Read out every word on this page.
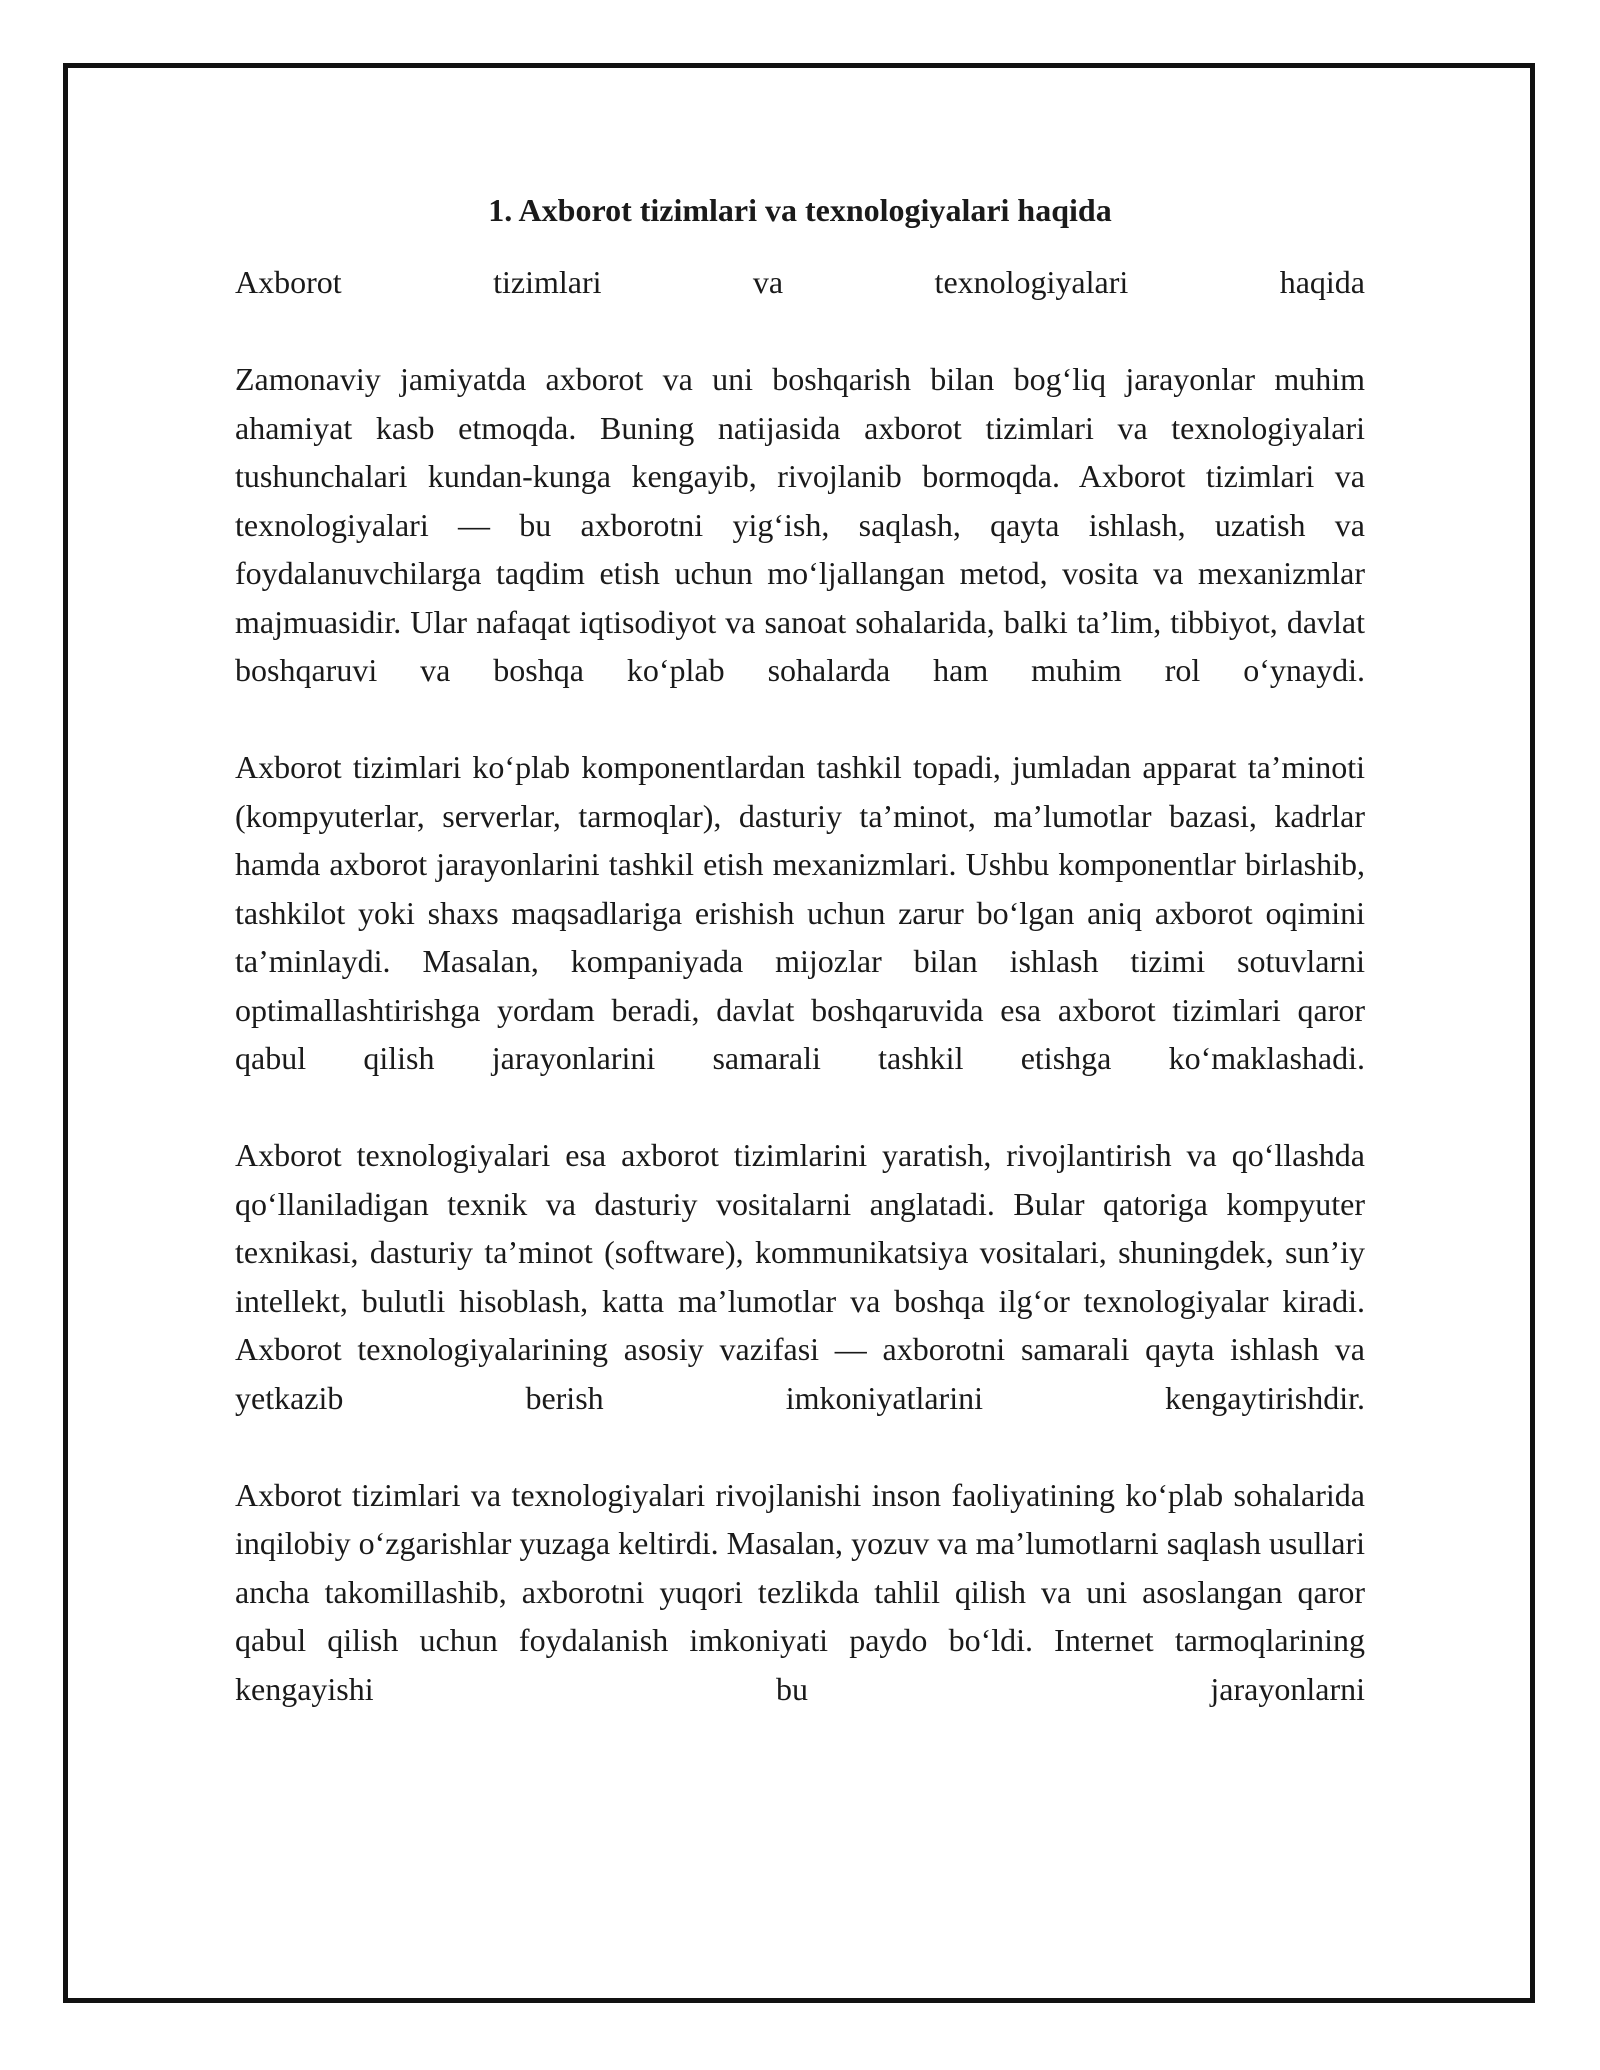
1. Axborot tizimlari va texnologiyalari haqida

Axborot tizimlari va texnologiyalari haqida

Zamonaviy jamiyatda axborot va uni boshqarish bilan bog‘liq jarayonlar muhim ahamiyat kasb etmoqda. Buning natijasida axborot tizimlari va texnologiyalari tushunchalari kundan-kunga kengayib, rivojlanib bormoqda. Axborot tizimlari va texnologiyalari — bu axborotni yig‘ish, saqlash, qayta ishlash, uzatish va foydalanuvchilarga taqdim etish uchun mo‘ljallangan metod, vosita va mexanizmlar majmuasidir. Ular nafaqat iqtisodiyot va sanoat sohalarida, balki ta’lim, tibbiyot, davlat boshqaruvi va boshqa ko‘plab sohalarda ham muhim rol o‘ynaydi.

Axborot tizimlari ko‘plab komponentlardan tashkil topadi, jumladan apparat ta’minoti (kompyuterlar, serverlar, tarmoqlar), dasturiy ta’minot, ma’lumotlar bazasi, kadrlar hamda axborot jarayonlarini tashkil etish mexanizmlari. Ushbu komponentlar birlashib, tashkilot yoki shaxs maqsadlariga erishish uchun zarur bo‘lgan aniq axborot oqimini ta’minlaydi. Masalan, kompaniyada mijozlar bilan ishlash tizimi sotuvlarni optimallashtirishga yordam beradi, davlat boshqaruvida esa axborot tizimlari qaror qabul qilish jarayonlarini samarali tashkil etishga ko‘maklashadi.

Axborot texnologiyalari esa axborot tizimlarini yaratish, rivojlantirish va qo‘llashda qo‘llaniladigan texnik va dasturiy vositalarni anglatadi. Bular qatoriga kompyuter texnikasi, dasturiy ta’minot (software), kommunikatsiya vositalari, shuningdek, sun’iy intellekt, bulutli hisoblash, katta ma’lumotlar va boshqa ilg‘or texnologiyalar kiradi. Axborot texnologiyalarining asosiy vazifasi — axborotni samarali qayta ishlash va yetkazib berish imkoniyatlarini kengaytirishdir.

Axborot tizimlari va texnologiyalari rivojlanishi inson faoliyatining ko‘plab sohalarida inqilobiy o‘zgarishlar yuzaga keltirdi. Masalan, yozuv va ma’lumotlarni saqlash usullari ancha takomillashib, axborotni yuqori tezlikda tahlil qilish va uni asoslangan qaror qabul qilish uchun foydalanish imkoniyati paydo bo‘ldi. Internet tarmoqlarining kengayishi bu jarayonlarni
